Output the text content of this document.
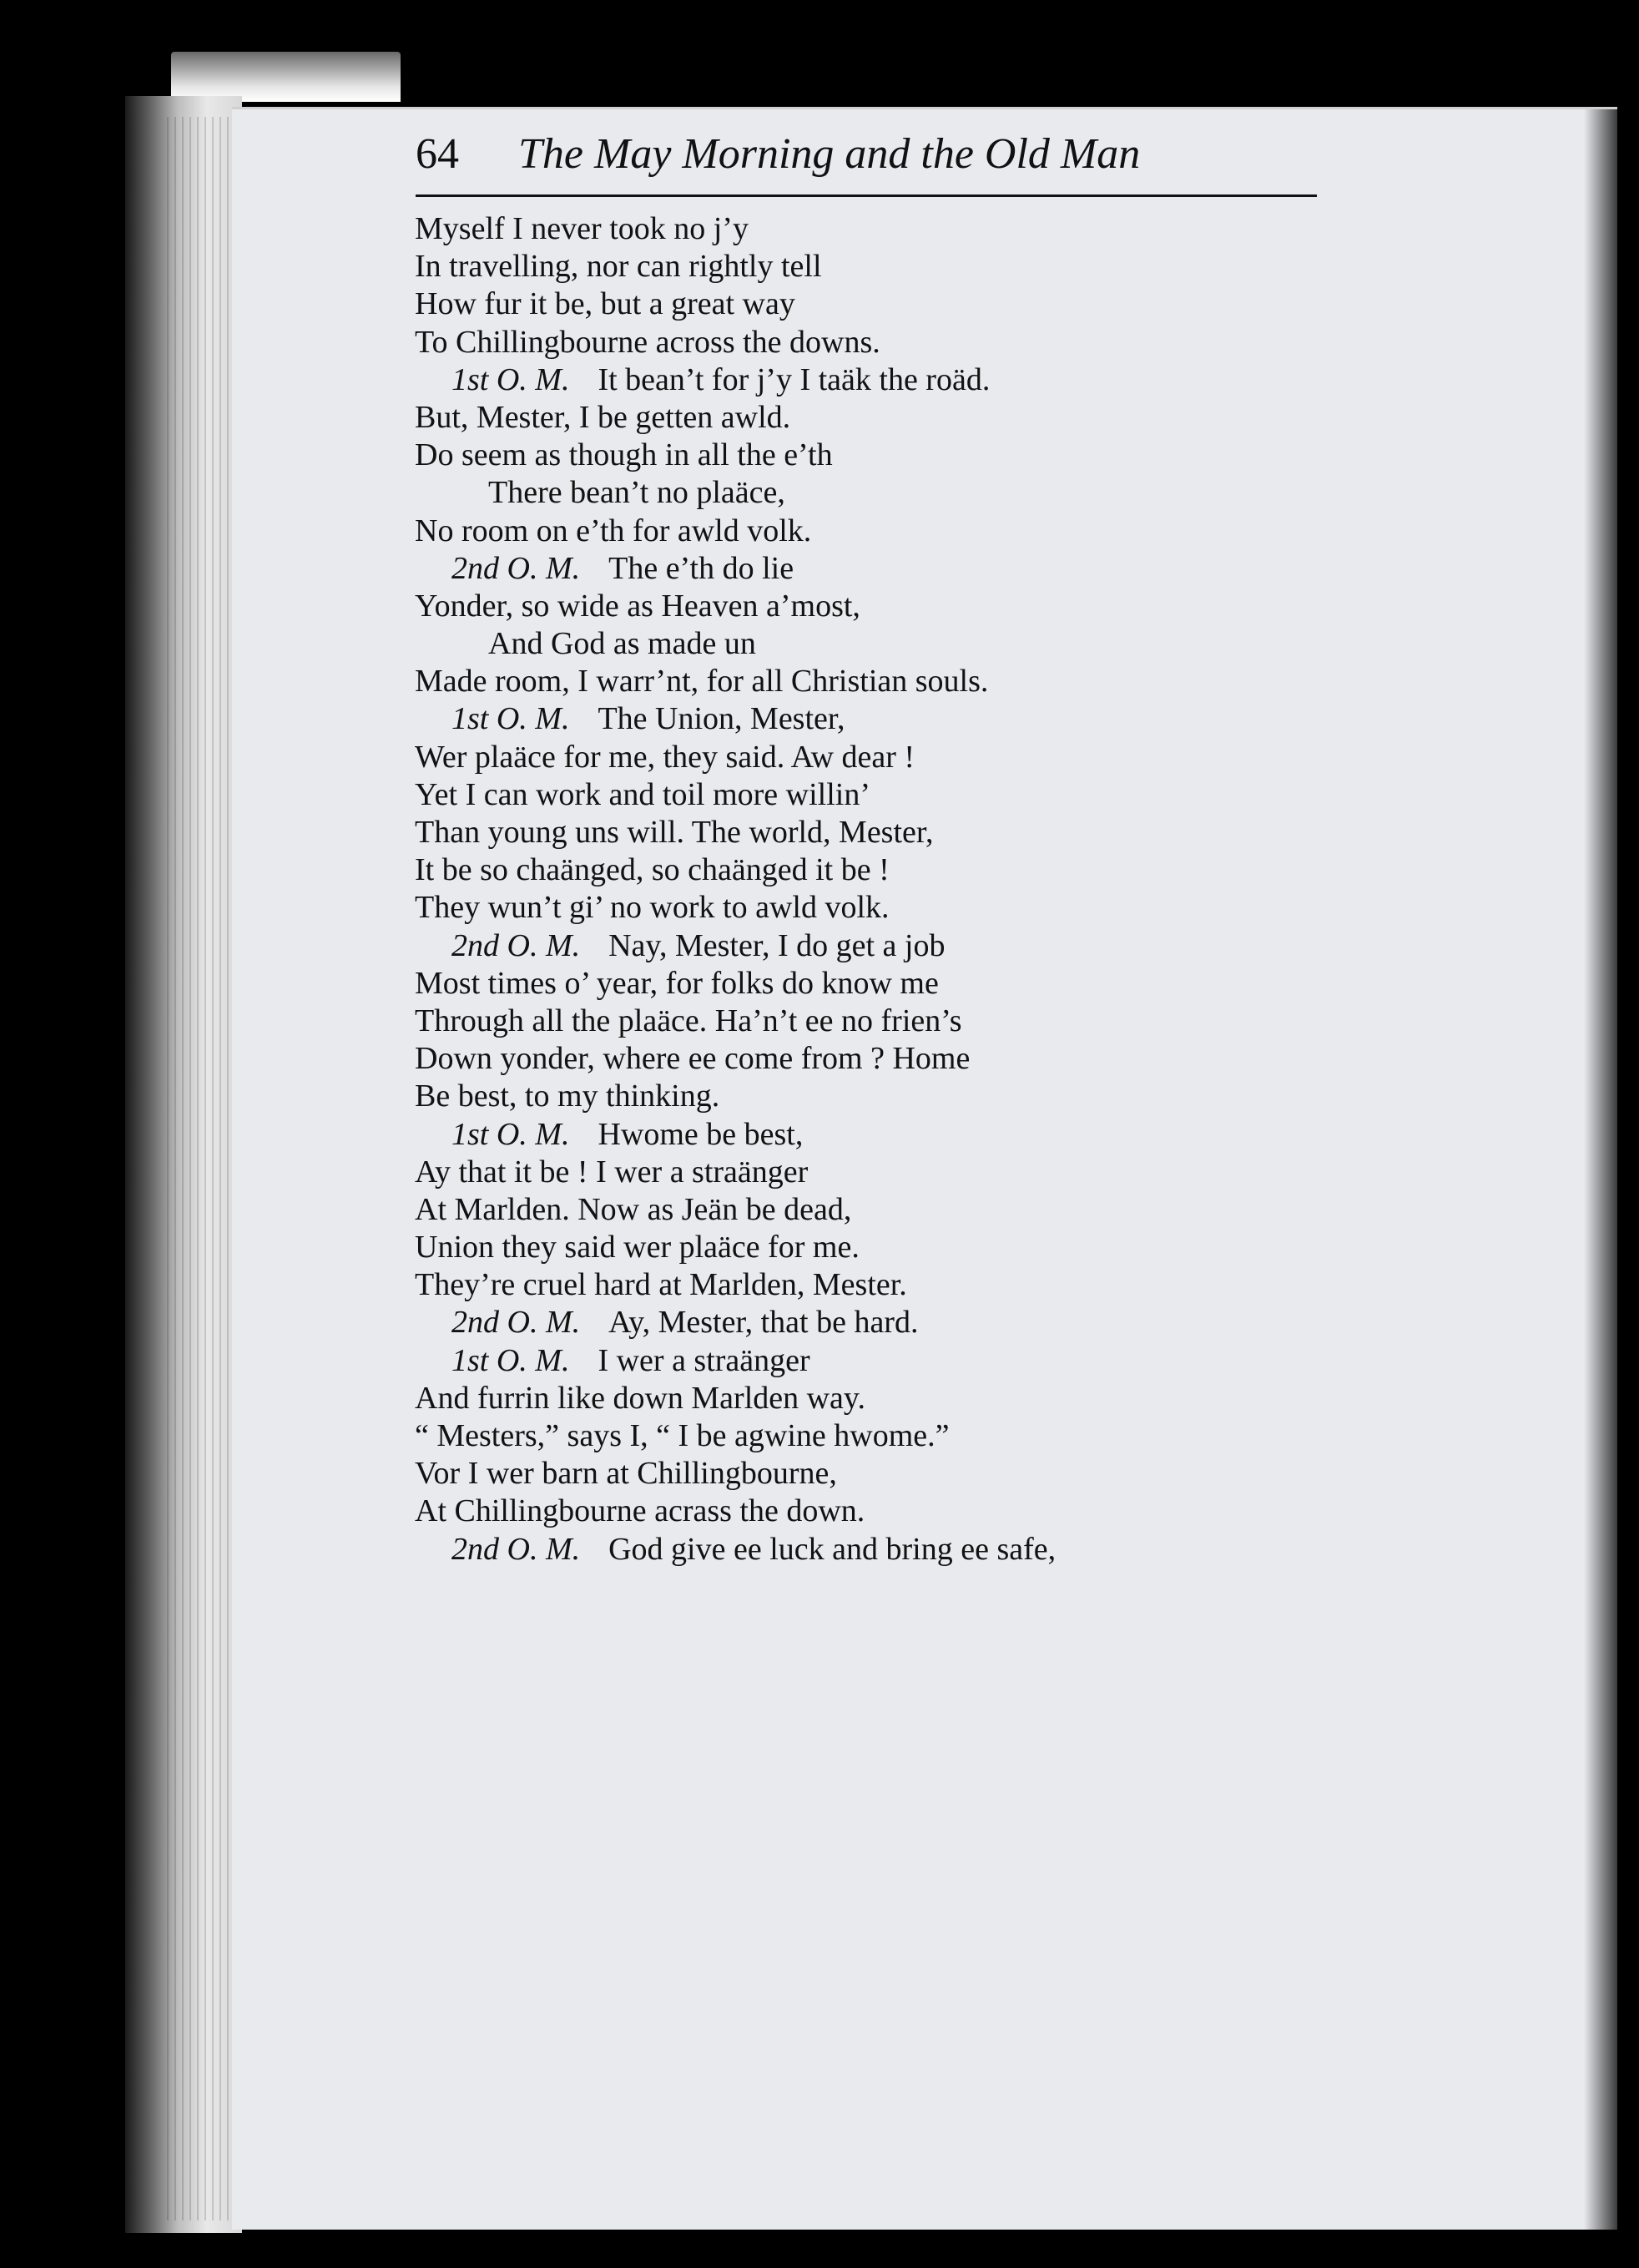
64 The May Morning and the Old Man
Myself I never took no j’y
In travelling, nor can rightly tell
How fur it be, but a great way
To Chillingbourne across the downs.
1st O. M. It bean’t for j’y I taäk the roäd.
But, Mester, I be getten awld.
Do seem as though in all the e’th
There bean’t no plaäce,
No room on e’th for awld volk.
2nd O. M. The e’th do lie
Yonder, so wide as Heaven a’most,
And God as made un
Made room, I warr’nt, for all Christian souls.
1st O. M. The Union, Mester,
Wer plaäce for me, they said. Aw dear !
Yet I can work and toil more willin’
Than young uns will. The world, Mester,
It be so chaänged, so chaänged it be !
They wun’t gi’ no work to awld volk.
2nd O. M. Nay, Mester, I do get a job
Most times o’ year, for folks do know me
Through all the plaäce. Ha’n’t ee no frien’s
Down yonder, where ee come from ? Home
Be best, to my thinking.
1st O. M. Hwome be best,
Ay that it be ! I wer a straänger
At Marlden. Now as Jeän be dead,
Union they said wer plaäce for me.
They’re cruel hard at Marlden, Mester.
2nd O. M. Ay, Mester, that be hard.
1st O. M. I wer a straänger
And furrin like down Marlden way.
“ Mesters,” says I, “ I be agwine hwome.”
Vor I wer barn at Chillingbourne,
At Chillingbourne acrass the down.
2nd O. M. God give ee luck and bring ee safe,
